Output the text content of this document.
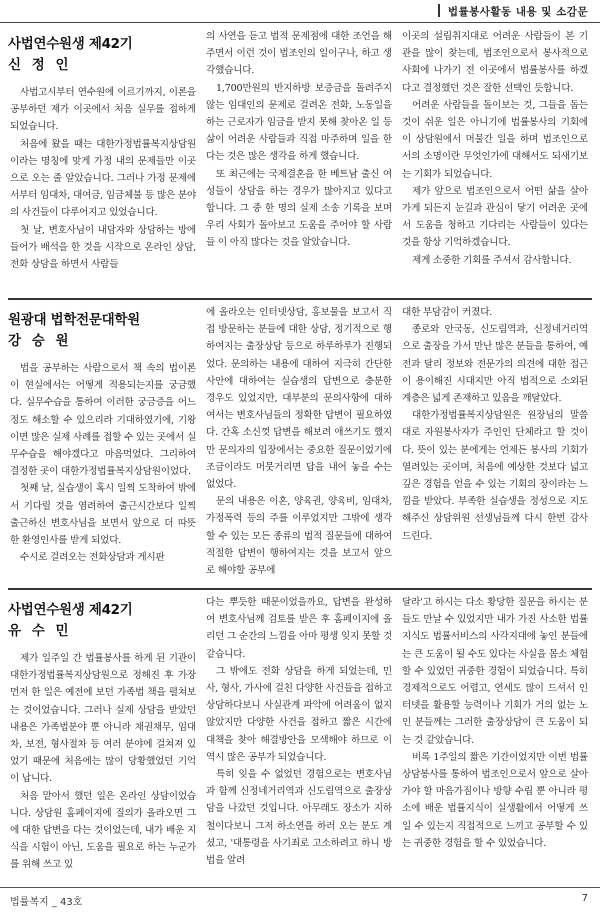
법률봉사활동 내용 및 소감문
사법연수원생 제42기
신 정 인

사법고시부터 연수원에 이르기까지, 이론을 공부하던 제가 이곳에서 처음 실무를 접하게 되었습니다.

처음에 왔을 때는 대한가정법률복지상담원이라는 명칭에 맞게 가정 내의 문제들만 이곳으로 오는 줄 알았습니다. 그러나 가정 문제에서부터 임대차, 대여금, 임금체불 등 많은 분야의 사건들이 다루어지고 있었습니다.

첫 날, 변호사님이 내담자와 상담하는 방에 들어가 배석을 한 것을 시작으로 온라인 상담, 전화 상담을 하면서 사람들

의 사연을 듣고 법적 문제점에 대한 조언을 해주면서 이런 것이 법조인의 일이구나, 하고 생각했습니다.

1,700만원의 반지하방 보증금을 돌려주지 않는 임대인의 문제로 걸려온 전화, 노동일을 하는 근로자가 임금을 받지 못해 찾아온 일 등 삶이 어려운 사람들과 직접 마주하며 일을 한다는 것은 많은 생각을 하게 했습니다.

또 최근에는 국제결혼을 한 베트남 출신 여성들이 상담을 하는 경우가 많아지고 있다고 합니다. 그 중 한 명의 실제 소송 기록을 보며 우리 사회가 돌아보고 도움을 주어야 할 사람들 이 아직 많다는 것을 알았습니다.

이곳의 설립취지대로 어려운 사람들이 본 기관을 많이 찾는데, 법조인으로서 봉사적으로 사회에 나가기 전 이곳에서 법률봉사를 하겠다고 결정했던 것은 잘한 선택인 듯합니다.

어려운 사람들을 돌이보는 것, 그들을 돕는 것이 쉬운 일은 아니기에 법률봉사의 기회에 이 상담원에서 머물간 일을 하며 법조인으로서의 소명이란 무엇인가에 대해서도 되새기보는 기회가 되었습니다.

제가 앞으로 법조인으로서 어떤 삶을 살아가게 되든지 눈길과 관심이 닿기 어려운 곳에서 도움을 청하고 기다리는 사람들이 있다는 것을 항상 기억하겠습니다.

제게 소중한 기회를 주셔서 감사합니다.

원광대 법학전문대학원
강 승 원

법을 공부하는 사람으로서 책 속의 법이론이 현실에서는 어떻게 적용되는지를 궁금했다. 실무수습을 통하여 이러한 궁금증을 어느 정도 해소할 수 있으리라 기대하였기에, 기왕이면 많은 실제 사례를 접할 수 있는 곳에서 실무수습을 해야겠다고 마음먹었다. 그리하여 결정한 곳이 대한가정법률복지상담원이었다.

첫째 날, 실습생이 혹시 일찍 도착하여 밖에서 기다릴 것을 염려하여 출근시간보다 일찍 출근하신 변호사님을 보면서 앞으로 더 따뜻한 환영인사를 받게 되었다.

수시로 걸려오는 전화상담과 게시판

에 올라오는 인터넷상담, 홍보물을 보고서 직접 방문하는 분들에 대한 상담, 정기적으로 행하여지는 출장상담 등으로 하루하루가 진행되었다. 문의하는 내용에 대하여 지극히 간단한 사안에 대하여는 실습생의 답변으로 충분한 경우도 있었지만, 대부분의 문의사항에 대하여서는 변호사님들의 정확한 답변이 필요하였다. 간혹 소신껏 답변을 해보려 애쓰기도 했지만 문의자의 입장에서는 중요한 질문이었기에 조금이라도 머뭇거리면 답을 내어 놓을 수는 없었다.

문의 내용은 이혼, 양육권, 양육비, 임대차, 가정폭력 등의 주를 이루었지만 그밖에 생각할 수 있는 모든 종류의 법적 질문들에 대하여 적절한 답변이 행하여지는 것을 보고서 앞으로 해야할 공부에

대한 부담감이 커졌다.

종로와 안국동, 신도림역과, 신정네거리역으로 출장을 가서 만난 많은 분들을 통하여, 예전과 달리 정보와 전문가의 의견에 대한 접근이 용이해진 시대지만 아직 법적으로 소외된 계층은 넓게 존재하고 있음을 깨달았다.

대한가정법률복지상담원은 원장님의 말씀대로 자원봉사자가 주인인 단체라고 할 것이다. 뜻이 있는 분에게는 언제든 봉사의 기회가 열려있는 곳이며, 처음에 예상한 것보다 넓고 깊은 경험을 얻을 수 있는 기회의 장이라는 느낌을 받았다. 부족한 실습생을 정성으로 지도해주신 상담위원 선생님들께 다시 한번 감사드린다.

사법연수원생 제42기
유 수 민

제가 일주일 간 법률봉사를 하게 된 기관이 대한가정법률복지상담원으로 정해진 후 가장 먼저 한 일은 예전에 보던 가족법 책을 펼쳐보는 것이었습니다. 그러나 실제 상담을 받았던 내용은 가족법분야 뿐 아니라 채권채무, 임대차, 보전, 형사절차 등 여러 분야에 걸쳐져 있었기 때문에 처음에는 많이 당황했었던 기억이 납니다.

처음 맡아서 했던 일은 온라인 상담이었습니다. 상담원 홈페이지에 질의가 올라오면 그에 대한 답변을 다는 것이었는데, 내가 배운 지식을 시험이 아닌, 도움을 필요로 하는 누군가를 위해 쓰고 있

다는 뿌듯한 때문이었을까요, 답변을 완성하여 변호사님께 검토를 받은 후 홈페이지에 올리던 그 순간의 느낌을 아마 평생 잊지 못할 것 같습니다.

그 밖에도 전화 상담을 하게 되었는데, 민사, 형사, 가사에 걸친 다양한 사건들을 접하고 상담하다보니 사실관계 파악에 어려움이 없지 않았지만 다양한 사건을 접하고 짧은 시간에 대책을 찾아 해결방안을 모색해야 하므로 이 역시 많은 공부가 되었습니다.

특히 잊을 수 없었던 경험으로는 변호사님과 함께 신정네거리역과 신도림역으로 출장상담을 나갔던 것입니다. 아무래도 장소가 지하철이다보니 그저 하소연을 하러 오는 분도 계셨고, '대통령을 사기죄로 고소하려고 하니 방법을 알려

달라'고 하시는 다소 황당한 질문을 하시는 분들도 만날 수 있었지만 내가 가진 사소한 법률지식도 법률서비스의 사각지대에 놓인 분들에는 큰 도움이 될 수도 있다는 사실을 몸소 체험할 수 있었던 귀중한 경험이 되었습니다. 특히 경제적으로도 어렵고, 연세도 많이 드셔서 인터넷을 활용할 능력이나 기회가 거의 없는 노인 분들께는 그러한 출장상담이 큰 도움이 되는 것 같았습니다.

비록 1주일의 짧은 기간이었지만 이번 법률상담봉사를 통하여 법조인으로서 앞으로 살아가야 할 마음가짐이나 방향 수립 뿐 아니라 평소에 배운 법률지식이 실생활에서 어떻게 쓰일 수 있는지 직접적으로 느끼고 공부할 수 있는 귀중한 경험을 할 수 있었습니다.

법률복지 _ 43호	7
